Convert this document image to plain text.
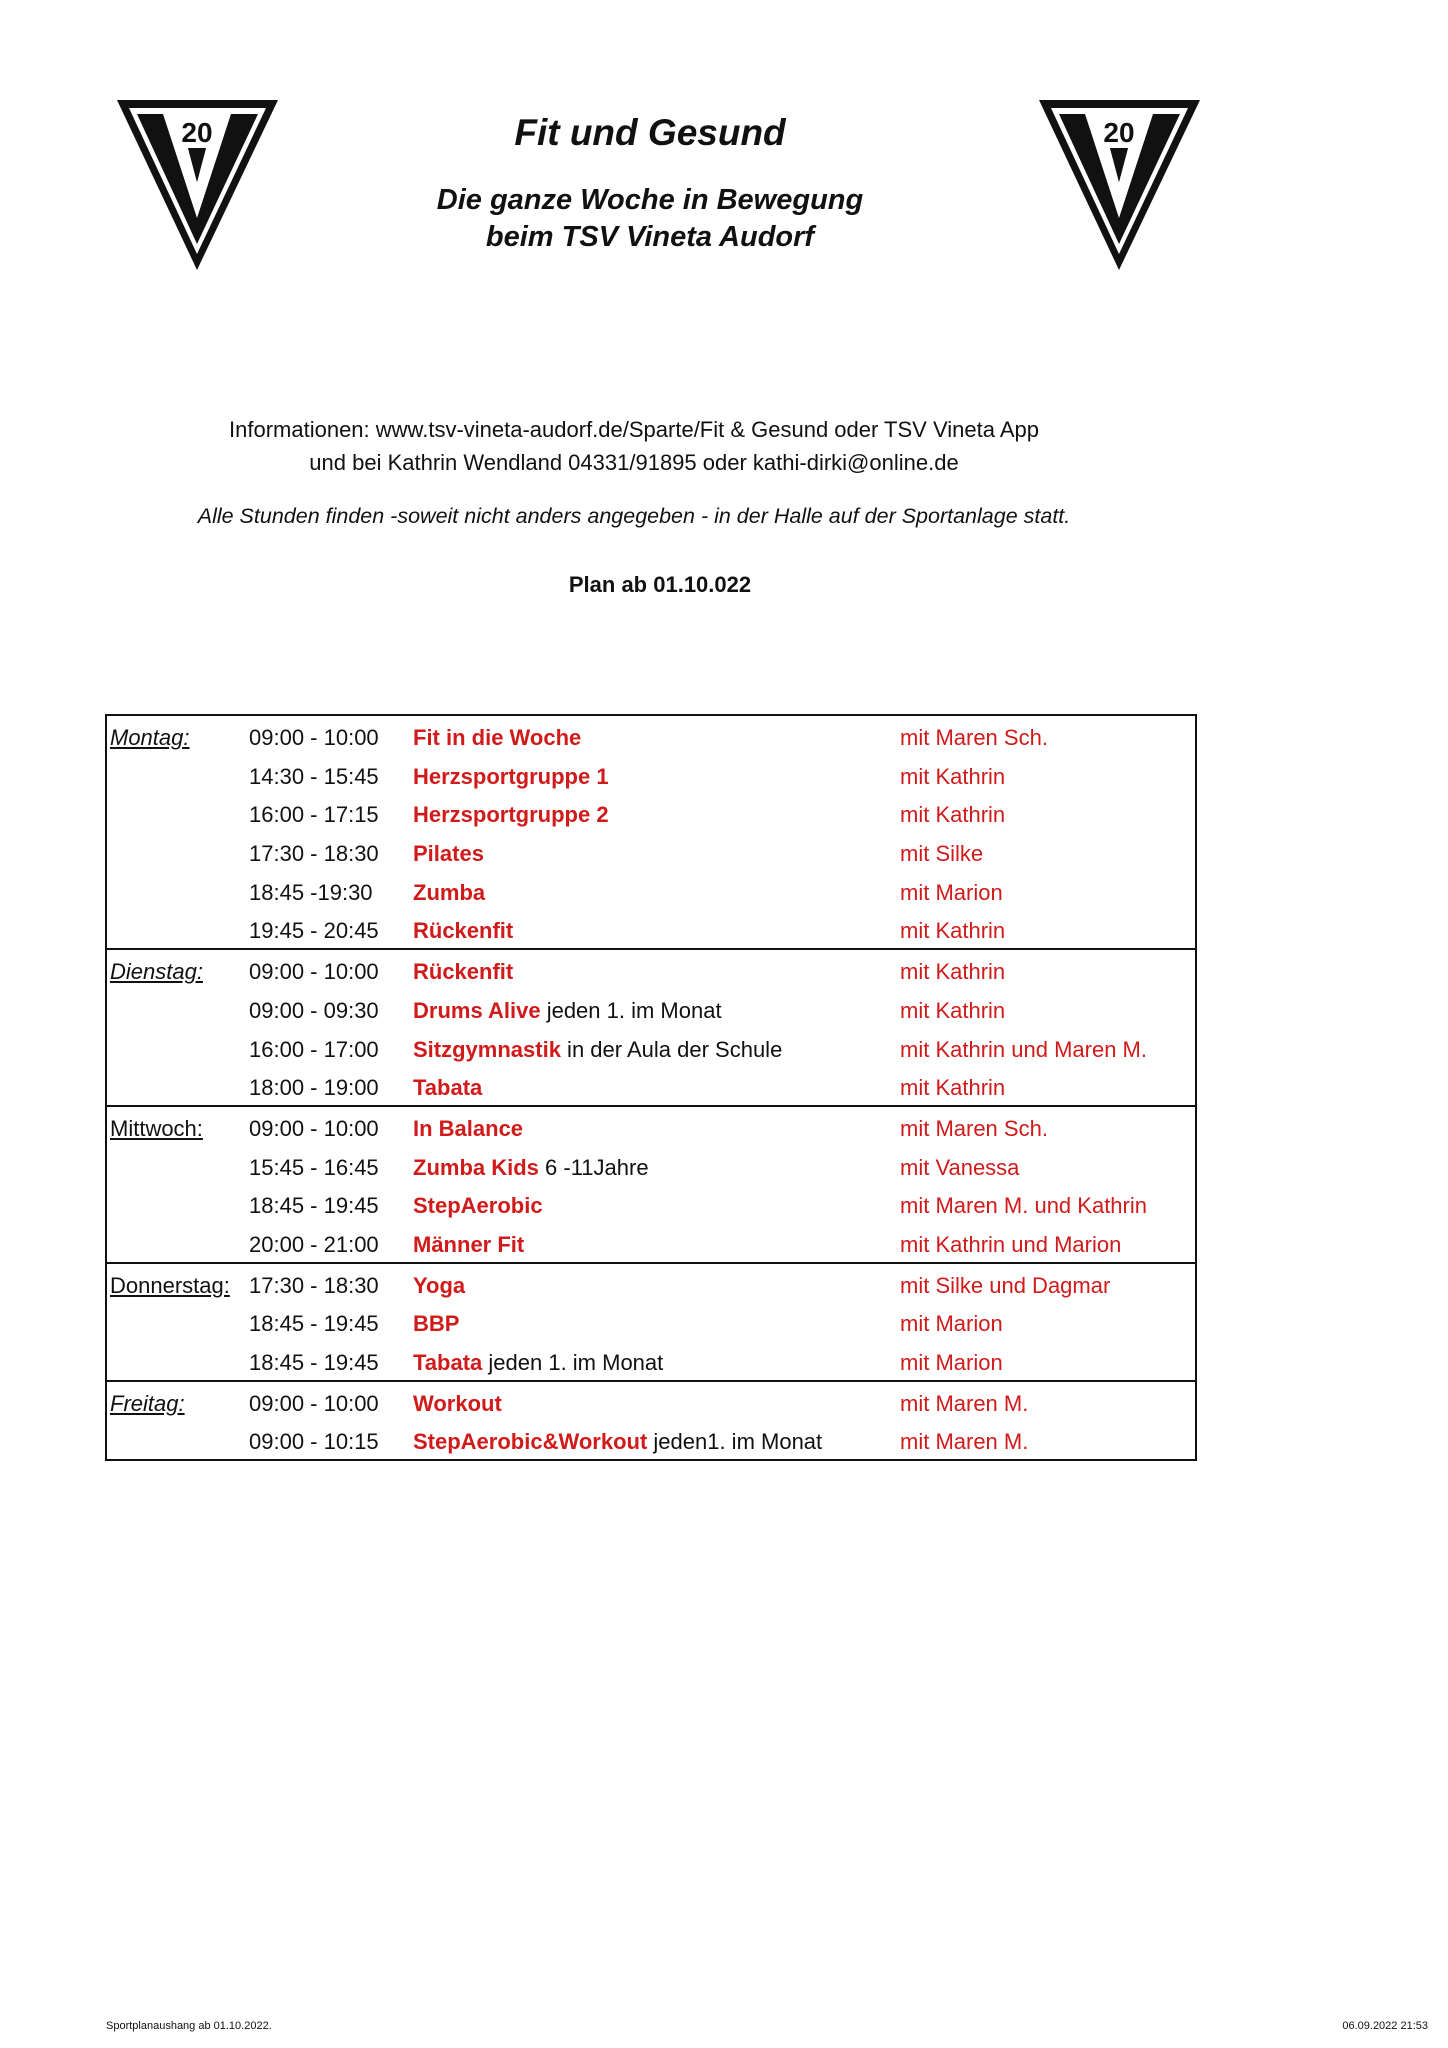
20	20
Fit und Gesund
Die ganze Woche in Bewegung
beim TSV Vineta Audorf
Informationen: www.tsv-vineta-audorf.de/Sparte/Fit & Gesund oder TSV Vineta App
und bei Kathrin Wendland 04331/91895 oder kathi-dirki@online.de
Alle Stunden finden -soweit nicht anders angegeben - in der Halle auf der Sportanlage statt.
Plan ab 01.10.022
Montag:	09:00 - 10:00 Fit in die Woche	mit Maren Sch.
14:30 - 15:45 Herzsportgruppe 1	mit Kathrin
16:00 - 17:15 Herzsportgruppe 2	mit Kathrin
17:30 - 18:30 Pilates	mit Silke
18:45 -19:30 Zumba	mit Marion
19:45 - 20:45 Rückenfit	mit Kathrin
Dienstag: 09:00 - 10:00 Rückenfit	mit Kathrin
09:00 - 09:30 Drums Alive jeden 1. im Monat	mit Kathrin
16:00 - 17:00 Sitzgymnastik in der Aula der Schule	mit Kathrin und Maren M.
18:00 - 19:00 Tabata	mit Kathrin
Mittwoch: 09:00 - 10:00 In Balance	mit Maren Sch.
15:45 - 16:45 Zumba Kids 6 -11Jahre	mit Vanessa
18:45 - 19:45 StepAerobic	mit Maren M. und Kathrin
20:00 - 21:00 Männer Fit	mit Kathrin und Marion
Donnerstag: 17:30 - 18:30 Yoga	mit Silke und Dagmar
18:45 - 19:45 BBP	mit Marion
18:45 - 19:45 Tabata jeden 1. im Monat	mit Marion
Freitag:	09:00 - 10:00 Workout	mit Maren M.
09:00 - 10:15 StepAerobic&Workout jeden1. im Monat	mit Maren M.
Sportplanaushang ab 01.10.2022.	06.09.2022 21:53
